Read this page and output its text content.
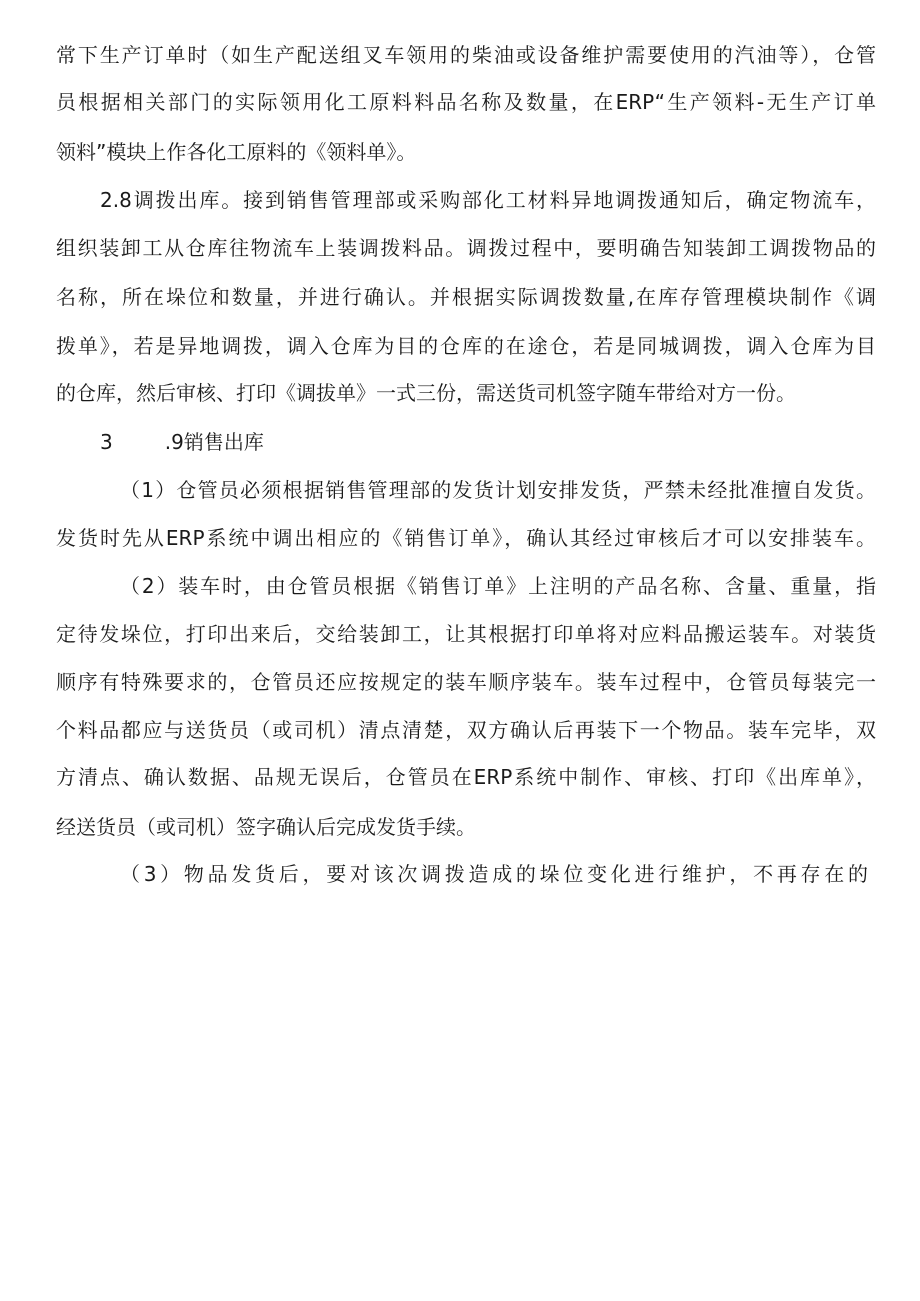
常下生产订单时（如生产配送组叉车领用的柴油或设备维护需要使用的汽油等），仓管
员根据相关部门的实际领用化工原料料品名称及数量，在ERP“生产领料-无生产订单
领料”模块上作各化工原料的《领料单》。
2.8调拨出库。接到销售管理部或采购部化工材料异地调拨通知后，确定物流车，
组织装卸工从仓库往物流车上装调拨料品。调拨过程中，要明确告知装卸工调拨物品的
名称，所在垛位和数量，并进行确认。并根据实际调拨数量,在库存管理模块制作《调
拨单》，若是异地调拨，调入仓库为目的仓库的在途仓，若是同城调拨，调入仓库为目
的仓库，然后审核、打印《调拔单》一式三份，需送货司机签字随车带给对方一份。
3	.9销售出库
（1）仓管员必须根据销售管理部的发货计划安排发货，严禁未经批准擅自发货。
发货时先从ERP系统中调出相应的《销售订单》，确认其经过审核后才可以安排装车。
（2）装车时，由仓管员根据《销售订单》上注明的产品名称、含量、重量，指
定待发垛位，打印出来后，交给装卸工，让其根据打印单将对应料品搬运装车。对装货
顺序有特殊要求的，仓管员还应按规定的装车顺序装车。装车过程中，仓管员每装完一
个料品都应与送货员（或司机）清点清楚，双方确认后再装下一个物品。装车完毕，双
方清点、确认数据、品规无误后，仓管员在ERP系统中制作、审核、打印《出库单》，
经送货员（或司机）签字确认后完成发货手续。
（3）物品发货后，要对该次调拨造成的垛位变化进行维护，不再存在的
